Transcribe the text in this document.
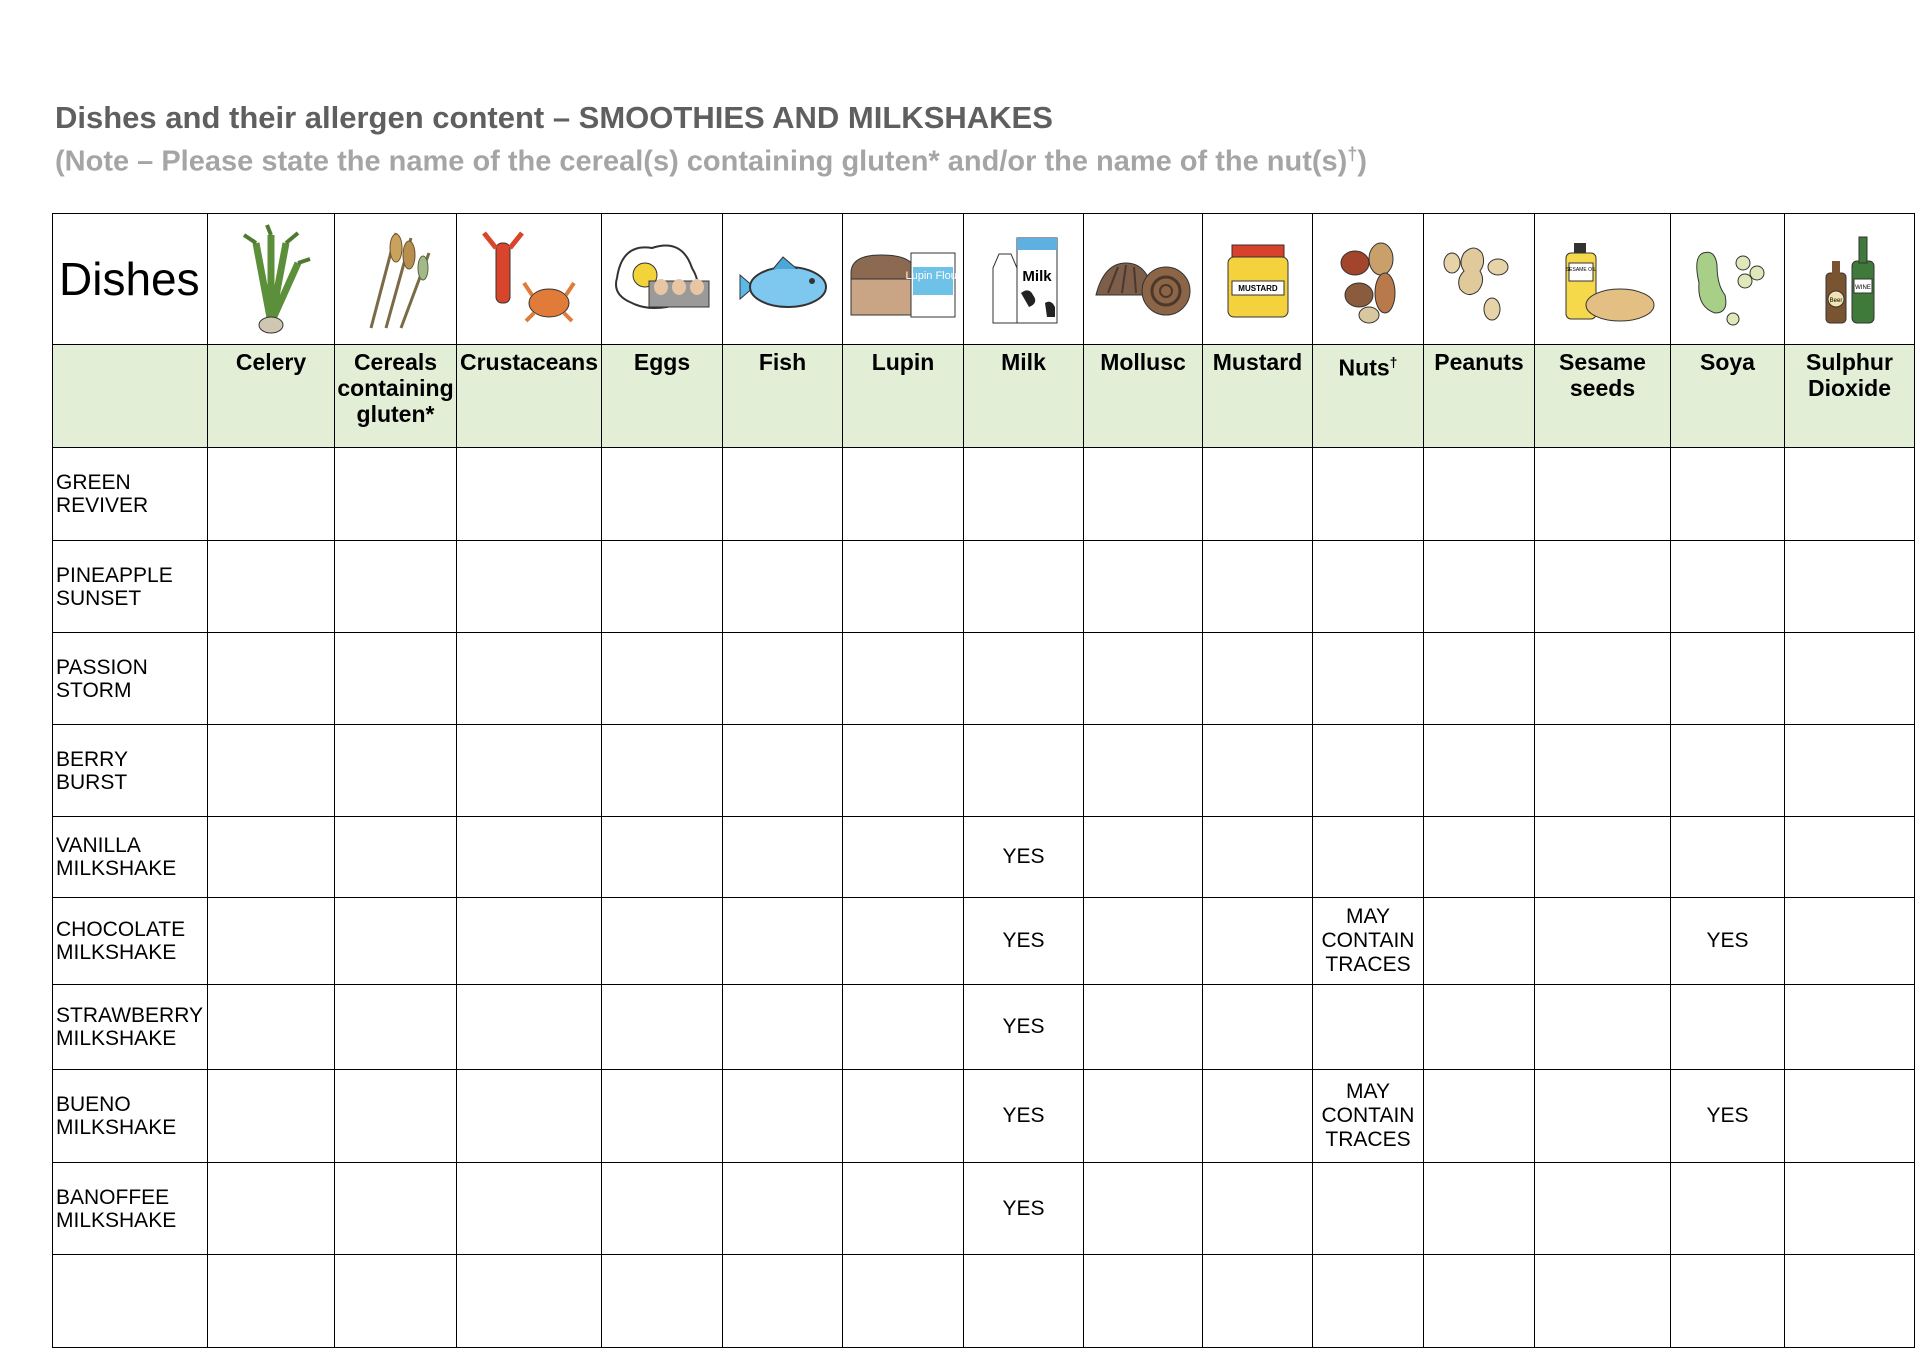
Dishes and their allergen content – SMOOTHIES AND MILKSHAKES
(Note – Please state the name of the cereal(s) containing gluten* and/or the name of the nut(s)†)
Dishes						Lupin Flour	Milk		MUSTARD			SESAME OIL		Beer
WINE

	Celery	Cereals containing gluten*	Crustaceans	Eggs	Fish	Lupin	Milk	Mollusc	Mustard	Nuts†	Peanuts	Sesame seeds	Soya	Sulphur Dioxide

GREEN
REVIVER														

PINEAPPLE
SUNSET														

PASSION
STORM														

BERRY
BURST														

VANILLA
MILKSHAKE							YES							

CHOCOLATE
MILKSHAKE							YES			MAY CONTAIN TRACES			YES	

STRAWBERRY
MILKSHAKE							YES							

BUENO
MILKSHAKE							YES			MAY CONTAIN TRACES			YES	

BANOFFEE
MILKSHAKE							YES							
